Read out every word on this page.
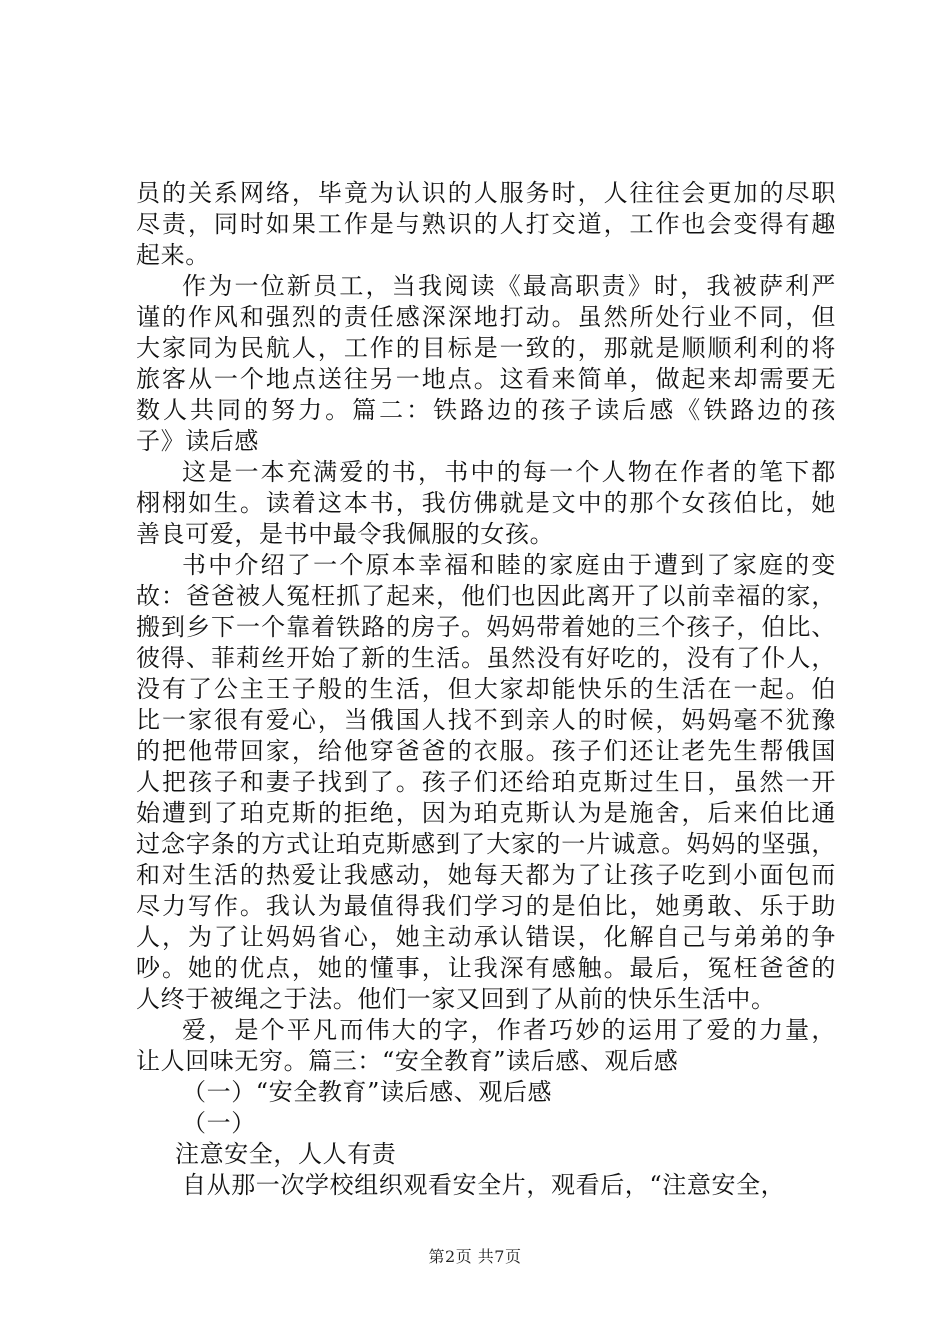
员的关系网络，毕竟为认识的人服务时，人往往会更加的尽职
尽责，同时如果工作是与熟识的人打交道，工作也会变得有趣
起来。
作为一位新员工，当我阅读《最高职责》时，我被萨利严
谨的作风和强烈的责任感深深地打动。虽然所处行业不同，但
大家同为民航人，工作的目标是一致的，那就是顺顺利利的将
旅客从一个地点送往另一地点。这看来简单，做起来却需要无
数人共同的努力。篇二：铁路边的孩子读后感《铁路边的孩
子》读后感
这是一本充满爱的书，书中的每一个人物在作者的笔下都
栩栩如生。读着这本书，我仿佛就是文中的那个女孩伯比，她
善良可爱，是书中最令我佩服的女孩。
书中介绍了一个原本幸福和睦的家庭由于遭到了家庭的变
故：爸爸被人冤枉抓了起来，他们也因此离开了以前幸福的家，
搬到乡下一个靠着铁路的房子。妈妈带着她的三个孩子，伯比、
彼得、菲莉丝开始了新的生活。虽然没有好吃的，没有了仆人，
没有了公主王子般的生活，但大家却能快乐的生活在一起。伯
比一家很有爱心，当俄国人找不到亲人的时候，妈妈毫不犹豫
的把他带回家，给他穿爸爸的衣服。孩子们还让老先生帮俄国
人把孩子和妻子找到了。孩子们还给珀克斯过生日，虽然一开
始遭到了珀克斯的拒绝，因为珀克斯认为是施舍，后来伯比通
过念字条的方式让珀克斯感到了大家的一片诚意。妈妈的坚强，
和对生活的热爱让我感动，她每天都为了让孩子吃到小面包而
尽力写作。我认为最值得我们学习的是伯比，她勇敢、乐于助
人，为了让妈妈省心，她主动承认错误，化解自己与弟弟的争
吵。她的优点，她的懂事，让我深有感触。最后，冤枉爸爸的
人终于被绳之于法。他们一家又回到了从前的快乐生活中。
爱，是个平凡而伟大的字，作者巧妙的运用了爱的力量，
让人回味无穷。篇三：“安全教育”读后感、观后感
（一）“安全教育”读后感、观后感
（一）
注意安全，人人有责
自从那一次学校组织观看安全片，观看后，“注意安全，
第2页 共7页
